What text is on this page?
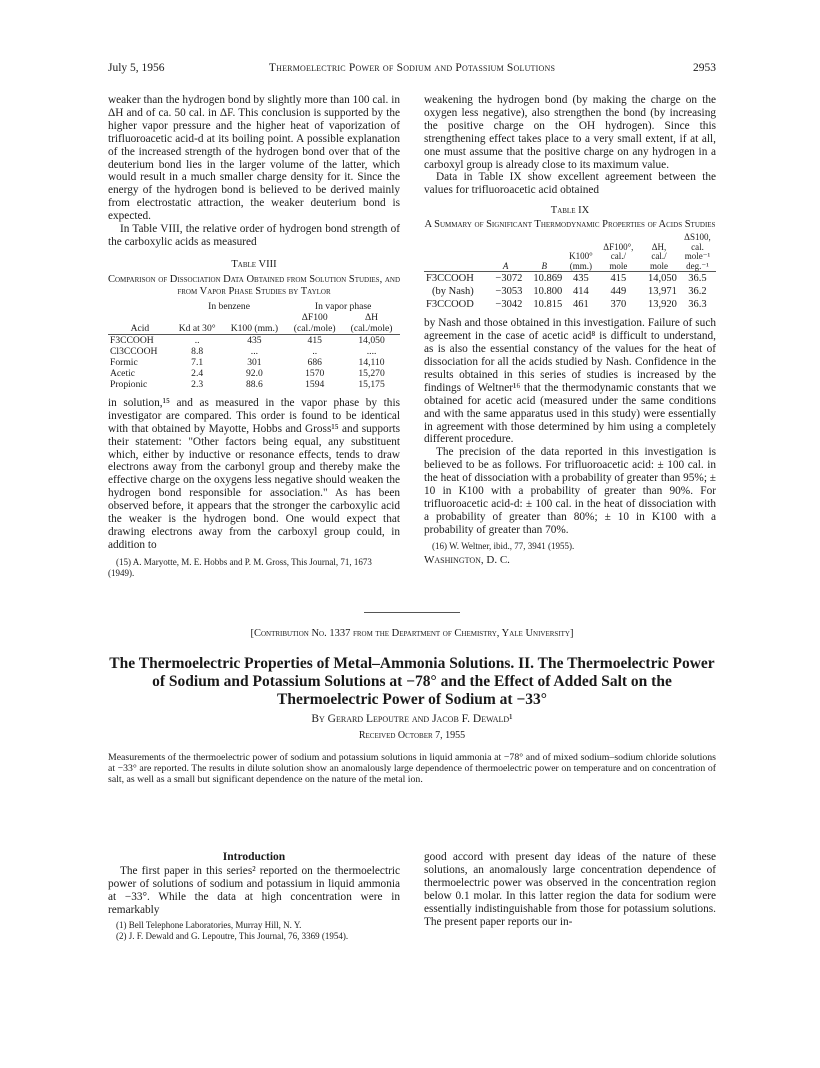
July 5, 1956	Thermoelectric Power of Sodium and Potassium Solutions	2953

weaker than the hydrogen bond by slightly more than 100 cal. in ΔH and of ca. 50 cal. in ΔF. This conclusion is supported by the higher vapor pressure and the higher heat of vaporization of trifluoroacetic acid-d at its boiling point. A possible explanation of the increased strength of the hydrogen bond over that of the deuterium bond lies in the larger volume of the latter, which would result in a much smaller charge density for it. Since the energy of the hydrogen bond is believed to be derived mainly from electrostatic attraction, the weaker deuterium bond is expected.

In Table VIII, the relative order of hydrogen bond strength of the carboxylic acids as measured

Table VIII
Comparison of Dissociation Data Obtained from Solution Studies, and from Vapor Phase Studies by Taylor
	In benzene		In vapor phase	
			ΔF100	ΔH
Acid	Kd at 30°	K100 (mm.)	(cal./mole)	(cal./mole)
F3CCOOH	..	435	415	14,050
Cl3CCOOH	8.8	...	..	....
Formic	7.1	301	686	14,110
Acetic	2.4	92.0	1570	15,270
Propionic	2.3	88.6	1594	15,175

in solution,¹⁵ and as measured in the vapor phase by this investigator are compared. This order is found to be identical with that obtained by Mayotte, Hobbs and Gross¹⁵ and supports their statement: "Other factors being equal, any substituent which, either by inductive or resonance effects, tends to draw electrons away from the carbonyl group and thereby make the effective charge on the oxygens less negative should weaken the hydrogen bond responsible for association." As has been observed before, it appears that the stronger the carboxylic acid the weaker is the hydrogen bond. One would expect that drawing electrons away from the carboxyl group could, in addition to

(15) A. Maryotte, M. E. Hobbs and P. M. Gross, This Journal, 71, 1673 (1949).

weakening the hydrogen bond (by making the charge on the oxygen less negative), also strengthen the bond (by increasing the positive charge on the OH hydrogen). Since this strengthening effect takes place to a very small extent, if at all, one must assume that the positive charge on any hydrogen in a carboxyl group is already close to its maximum value.

Data in Table IX show excellent agreement between the values for trifluoroacetic acid obtained

Table IX
A Summary of Significant Thermodynamic Properties of Acids Studies
						ΔS100,
				ΔF100°,	ΔH,	cal.
			K100°	cal./	cal./	mole⁻¹
	A	B	(mm.)	mole	mole	deg.⁻¹
F3CCOOH	−3072	10.869	435	415	14,050	36.5
(by Nash)	−3053	10.800	414	449	13,971	36.2
F3CCOOD	−3042	10.815	461	370	13,920	36.3

by Nash and those obtained in this investigation. Failure of such agreement in the case of acetic acid⁸ is difficult to understand, as is also the essential constancy of the values for the heat of dissociation for all the acids studied by Nash. Confidence in the results obtained in this series of studies is increased by the findings of Weltner¹⁶ that the thermodynamic constants that we obtained for acetic acid (measured under the same conditions and with the same apparatus used in this study) were essentially in agreement with those determined by him using a completely different procedure.

The precision of the data reported in this investigation is believed to be as follows. For trifluoroacetic acid: ± 100 cal. in the heat of dissociation with a probability of greater than 95%; ± 10 in K100 with a probability of greater than 90%. For trifluoroacetic acid-d: ± 100 cal. in the heat of dissociation with a probability of greater than 80%; ± 10 in K100 with a probability of greater than 70%.

(16) W. Weltner, ibid., 77, 3941 (1955).

Washington, D. C.

[Contribution No. 1337 from the Department of Chemistry, Yale University]
The Thermoelectric Properties of Metal–Ammonia Solutions. II. The Thermoelectric Power of Sodium and Potassium Solutions at −78° and the Effect of Added Salt on the Thermoelectric Power of Sodium at −33°
By Gerard Lepoutre and Jacob F. Dewald¹
Received October 7, 1955
Measurements of the thermoelectric power of sodium and potassium solutions in liquid ammonia at −78° and of mixed sodium–sodium chloride solutions at −33° are reported. The results in dilute solution show an anomalously large dependence of thermoelectric power on temperature and on concentration of salt, as well as a small but significant dependence on the nature of the metal ion.
Introduction

The first paper in this series² reported on the thermoelectric power of solutions of sodium and potassium in liquid ammonia at −33°. While the data at high concentration were in remarkably

(1) Bell Telephone Laboratories, Murray Hill, N. Y.

(2) J. F. Dewald and G. Lepoutre, This Journal, 76, 3369 (1954).

good accord with present day ideas of the nature of these solutions, an anomalously large concentration dependence of thermoelectric power was observed in the concentration region below 0.1 molar. In this latter region the data for sodium were essentially indistinguishable from those for potassium solutions. The present paper reports our in-
